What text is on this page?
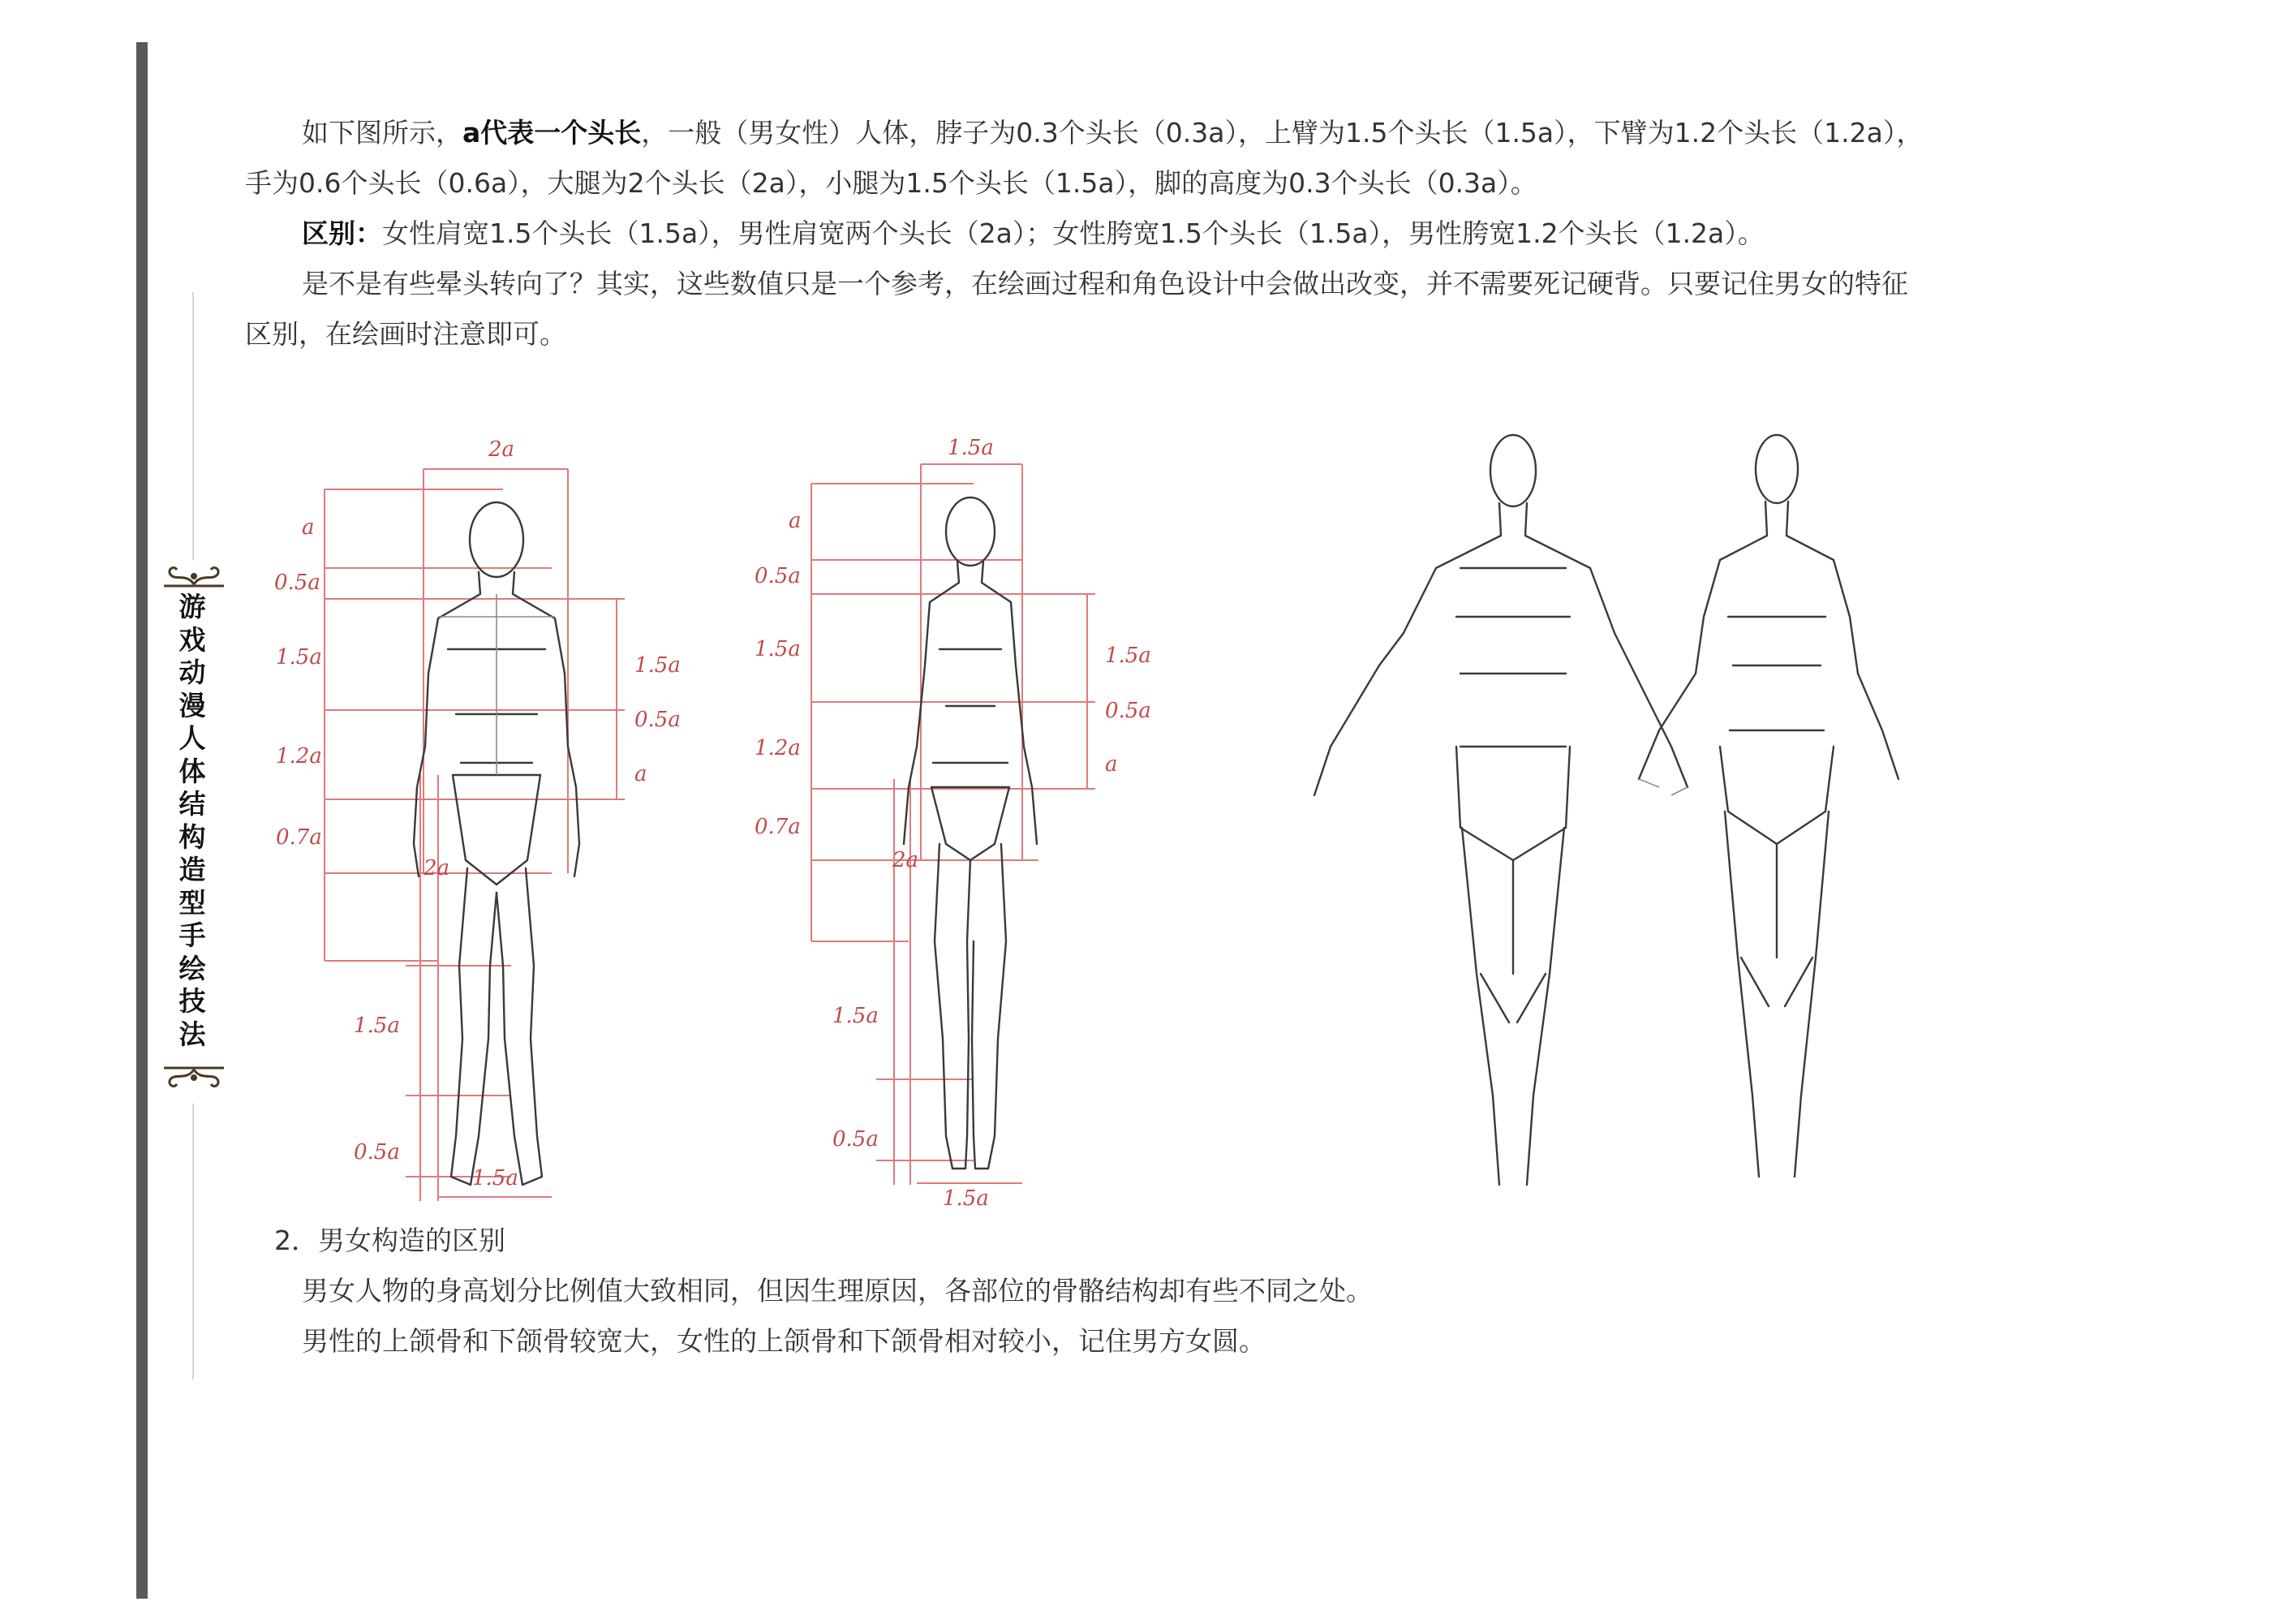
游戏动漫人体结构造型手绘技法

如下图所示，a代表一个头长，一般（男女性）人体，脖子为0.3个头长（0.3a），上臂为1.5个头长（1.5a），下臂为1.2个头长（1.2a），

手为0.6个头长（0.6a），大腿为2个头长（2a），小腿为1.5个头长（1.5a），脚的高度为0.3个头长（0.3a）。

区别：女性肩宽1.5个头长（1.5a），男性肩宽两个头长（2a）；女性胯宽1.5个头长（1.5a），男性胯宽1.2个头长（1.2a）。

是不是有些晕头转向了？其实，这些数值只是一个参考，在绘画过程和角色设计中会做出改变，并不需要死记硬背。只要记住男女的特征

区别，在绘画时注意即可。

2a
a
0.5a
1.5a
1.2a
0.7a
1.5a
0.5a
a
2a
1.5a
0.5a
1.5a
1.5a
a
0.5a
1.5a
1.2a
0.7a
1.5a
0.5a
a
2a
1.5a
0.5a
1.5a

2．男女构造的区别

男女人物的身高划分比例值大致相同，但因生理原因，各部位的骨骼结构却有些不同之处。

男性的上颌骨和下颌骨较宽大，女性的上颌骨和下颌骨相对较小，记住男方女圆。
